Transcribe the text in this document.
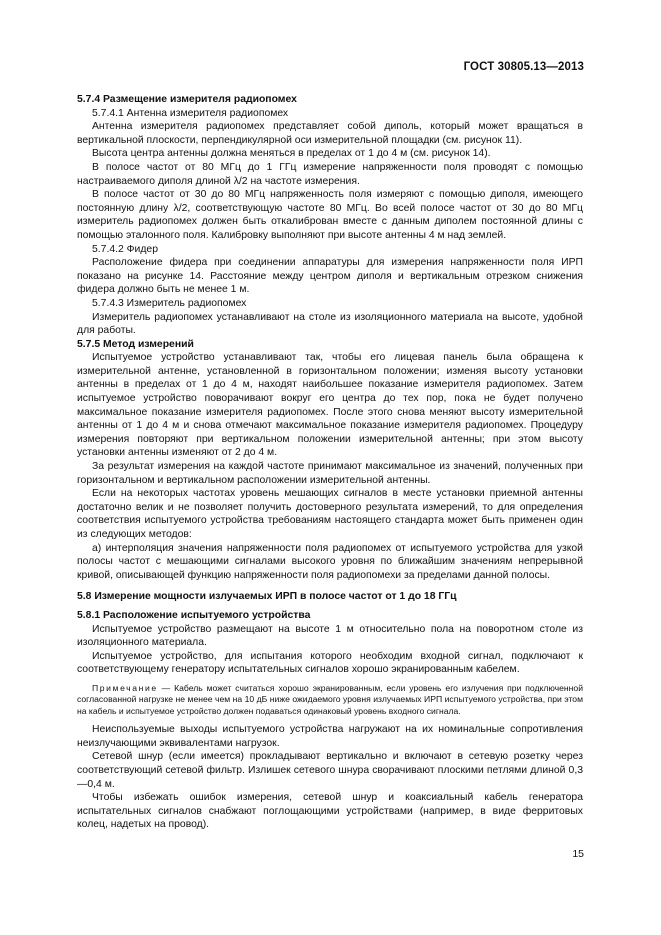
ГОСТ 30805.13—2013

5.7.4 Размещение измерителя радиопомех

5.7.4.1 Антенна измерителя радиопомех

Антенна измерителя радиопомех представляет собой диполь, который может вращаться в вертикальной плоскости, перпендикулярной оси измерительной площадки (см. рисунок 11).

Высота центра антенны должна меняться в пределах от 1 до 4 м (см. рисунок 14).

В полосе частот от 80 МГц до 1 ГГц измерение напряженности поля проводят с помощью настраиваемого диполя длиной λ/2 на частоте измерения.

В полосе частот от 30 до 80 МГц напряженность поля измеряют с помощью диполя, имеющего постоянную длину λ/2, соответствующую частоте 80 МГц. Во всей полосе частот от 30 до 80 МГц измеритель радиопомех должен быть откалиброван вместе с данным диполем постоянной длины с помощью эталонного поля. Калибровку выполняют при высоте антенны 4 м над землей.

5.7.4.2 Фидер

Расположение фидера при соединении аппаратуры для измерения напряженности поля ИРП показано на рисунке 14. Расстояние между центром диполя и вертикальным отрезком снижения фидера должно быть не менее 1 м.

5.7.4.3 Измеритель радиопомех

Измеритель радиопомех устанавливают на столе из изоляционного материала на высоте, удобной для работы.

5.7.5 Метод измерений

Испытуемое устройство устанавливают так, чтобы его лицевая панель была обращена к измерительной антенне, установленной в горизонтальном положении; изменяя высоту установки антенны в пределах от 1 до 4 м, находят наибольшее показание измерителя радиопомех. Затем испытуемое устройство поворачивают вокруг его центра до тех пор, пока не будет получено максимальное показание измерителя радиопомех. После этого снова меняют высоту измерительной антенны от 1 до 4 м и снова отмечают максимальное показание измерителя радиопомех. Процедуру измерения повторяют при вертикальном положении измерительной антенны; при этом высоту установки антенны изменяют от 2 до 4 м.

За результат измерения на каждой частоте принимают максимальное из значений, полученных при горизонтальном и вертикальном расположении измерительной антенны.

Если на некоторых частотах уровень мешающих сигналов в месте установки приемной антенны достаточно велик и не позволяет получить достоверного результата измерений, то для определения соответствия испытуемого устройства требованиям настоящего стандарта может быть применен один из следующих методов:

а) интерполяция значения напряженности поля радиопомех от испытуемого устройства для узкой полосы частот с мешающими сигналами высокого уровня по ближайшим значениям непрерывной кривой, описывающей функцию напряженности поля радиопомехи за пределами данной полосы.

5.8 Измерение мощности излучаемых ИРП в полосе частот от 1 до 18 ГГц

5.8.1 Расположение испытуемого устройства

Испытуемое устройство размещают на высоте 1 м относительно пола на поворотном столе из изоляционного материала.

Испытуемое устройство, для испытания которого необходим входной сигнал, подключают к соответствующему генератору испытательных сигналов хорошо экранированным кабелем.

Примечание — Кабель может считаться хорошо экранированным, если уровень его излучения при подключенной согласованной нагрузке не менее чем на 10 дБ ниже ожидаемого уровня излучаемых ИРП испытуемого устройства, при этом на кабель и испытуемое устройство должен подаваться одинаковый уровень входного сигнала.

Неиспользуемые выходы испытуемого устройства нагружают на их номинальные сопротивления неизлучающими эквивалентами нагрузок.

Сетевой шнур (если имеется) прокладывают вертикально и включают в сетевую розетку через соответствующий сетевой фильтр. Излишек сетевого шнура сворачивают плоскими петлями длиной 0,3—0,4 м.

Чтобы избежать ошибок измерения, сетевой шнур и коаксиальный кабель генератора испытательных сигналов снабжают поглощающими устройствами (например, в виде ферритовых колец, надетых на провод).

15
